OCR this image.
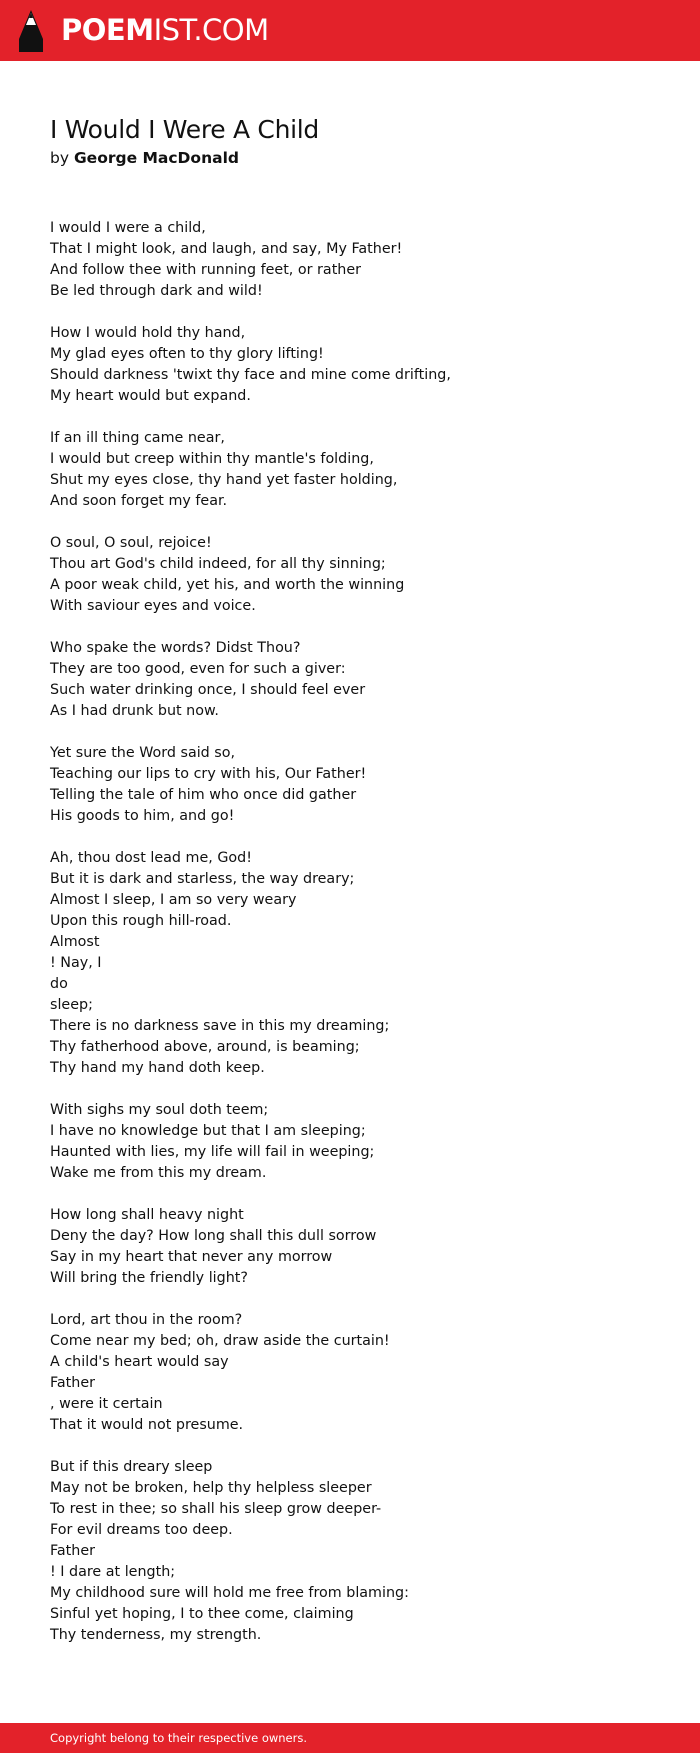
POEM IST.COM
I Would I Were A Child
by George MacDonald
I would I were a child,
That I might look, and laugh, and say, My Father!
And follow thee with running feet, or rather
Be led through dark and wild!
How I would hold thy hand,
My glad eyes often to thy glory lifting!
Should darkness 'twixt thy face and mine come drifting,
My heart would but expand.
If an ill thing came near,
I would but creep within thy mantle's folding,
Shut my eyes close, thy hand yet faster holding,
And soon forget my fear.
O soul, O soul, rejoice!
Thou art God's child indeed, for all thy sinning;
A poor weak child, yet his, and worth the winning
With saviour eyes and voice.
Who spake the words? Didst Thou?
They are too good, even for such a giver:
Such water drinking once, I should feel ever
As I had drunk but now.
Yet sure the Word said so,
Teaching our lips to cry with his, Our Father!
Telling the tale of him who once did gather
His goods to him, and go!
Ah, thou dost lead me, God!
But it is dark and starless, the way dreary;
Almost I sleep, I am so very weary
Upon this rough hill-road.
Almost
! Nay, I
do
sleep;
There is no darkness save in this my dreaming;
Thy fatherhood above, around, is beaming;
Thy hand my hand doth keep.
With sighs my soul doth teem;
I have no knowledge but that I am sleeping;
Haunted with lies, my life will fail in weeping;
Wake me from this my dream.
How long shall heavy night
Deny the day? How long shall this dull sorrow
Say in my heart that never any morrow
Will bring the friendly light?
Lord, art thou in the room?
Come near my bed; oh, draw aside the curtain!
A child's heart would say
Father
, were it certain
That it would not presume.
But if this dreary sleep
May not be broken, help thy helpless sleeper
To rest in thee; so shall his sleep grow deeper-
For evil dreams too deep.
Father
! I dare at length;
My childhood sure will hold me free from blaming:
Sinful yet hoping, I to thee come, claiming
Thy tenderness, my strength.
Copyright belong to their respective owners.
